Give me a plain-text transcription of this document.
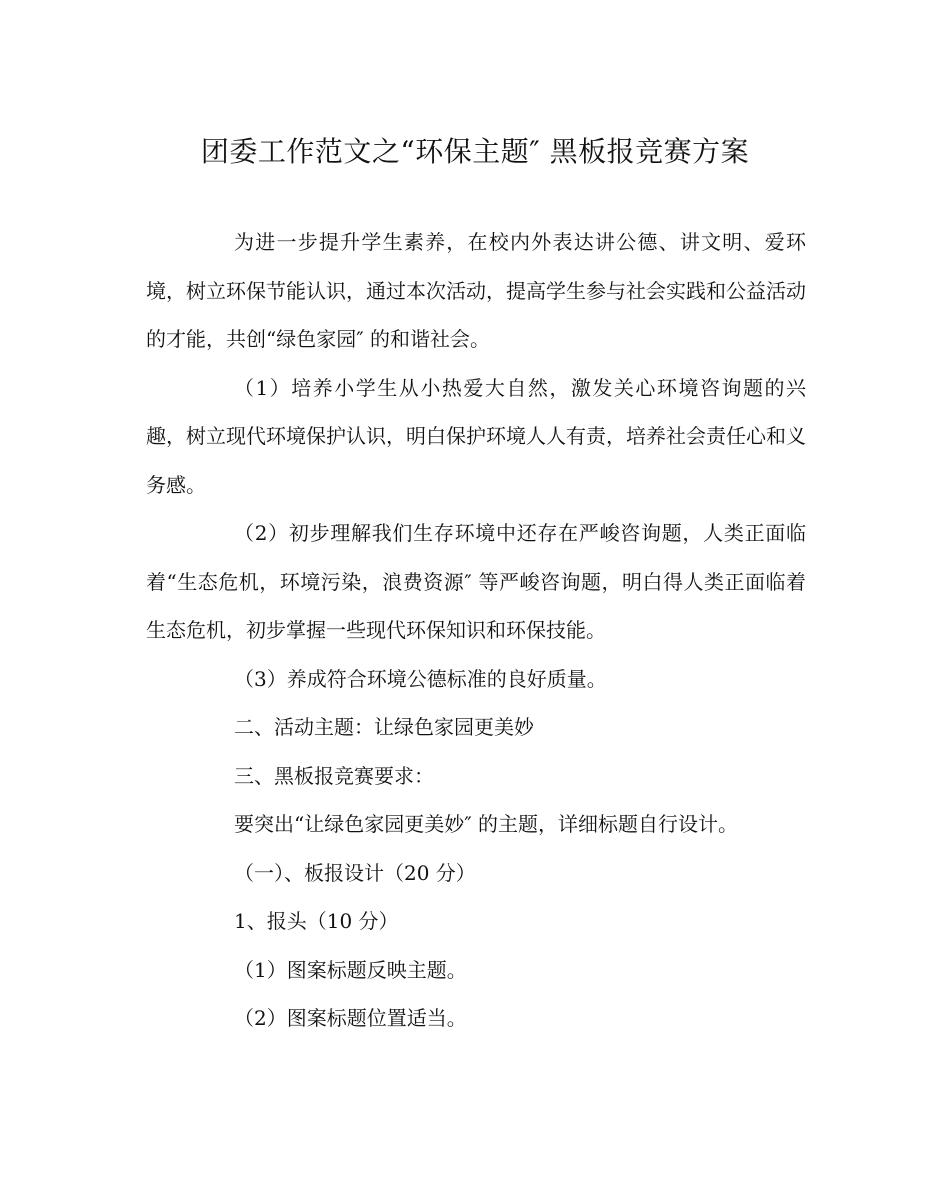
团委工作范文之“环保主题″ 黑板报竞赛方案

为进一步提升学生素养，在校内外表达讲公德、讲文明、爱环境，树立环保节能认识，通过本次活动，提高学生参与社会实践和公益活动的才能，共创“绿色家园″ 的和谐社会。

（1）培养小学生从小热爱大自然，激发关心环境咨询题的兴趣，树立现代环境保护认识，明白保护环境人人有责，培养社会责任心和义务感。

（2）初步理解我们生存环境中还存在严峻咨询题，人类正面临着“生态危机，环境污染，浪费资源″ 等严峻咨询题，明白得人类正面临着生态危机，初步掌握一些现代环保知识和环保技能。

（3）养成符合环境公德标准的良好质量。

二、活动主题：让绿色家园更美妙

三、黑板报竞赛要求：

要突出“让绿色家园更美妙″ 的主题，详细标题自行设计。

（一）、板报设计（20 分）

1、报头（10 分）

（1）图案标题反映主题。

（2）图案标题位置适当。
